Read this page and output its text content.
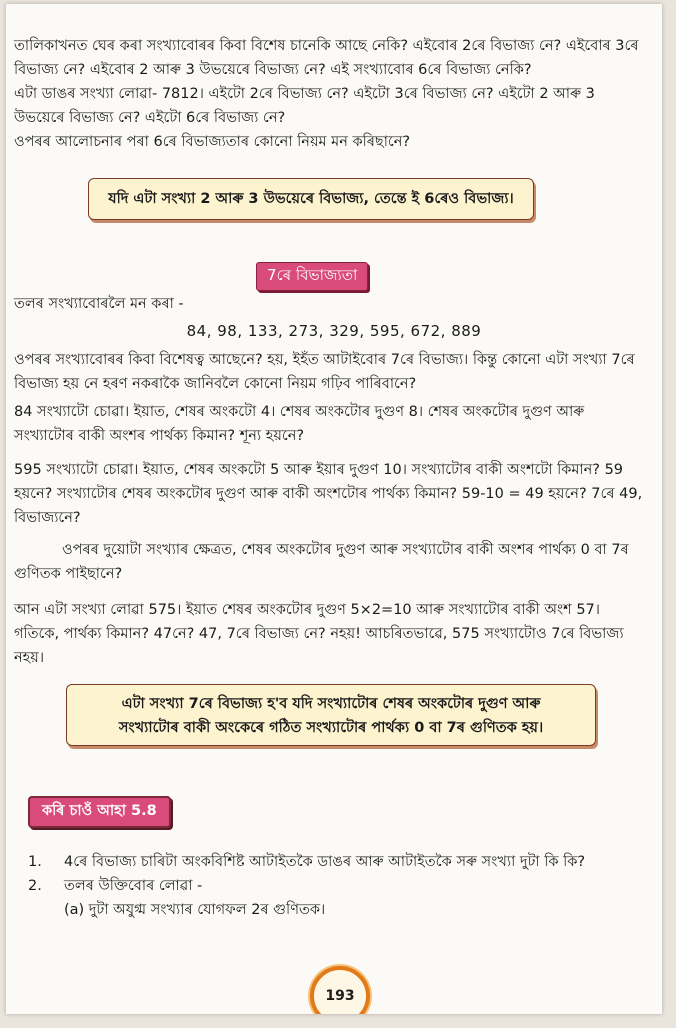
তালিকাখনত ঘেৰ কৰা সংখ্যাবোৰৰ কিবা বিশেষ চানেকি আছে নেকি? এইবোৰ 2ৰে বিভাজ্য নে? এইবোৰ 3ৰে বিভাজ্য নে? এইবোৰ 2 আৰু 3 উভয়েৰে বিভাজ্য নে? এই সংখ্যাবোৰ 6ৰে বিভাজ্য নেকি?

এটা ডাঙৰ সংখ্যা লোৱা- 7812। এইটো 2ৰে বিভাজ্য নে? এইটো 3ৰে বিভাজ্য নে? এইটো 2 আৰু 3 উভয়েৰে বিভাজ্য নে? এইটো 6ৰে বিভাজ্য নে?

ওপৰৰ আলোচনাৰ পৰা 6ৰে বিভাজ্যতাৰ কোনো নিয়ম মন কৰিছানে?

যদি এটা সংখ্যা 2 আৰু 3 উভয়েৰে বিভাজ্য, তেন্তে ই 6ৰেও বিভাজ্য।
7ৰে বিভাজ্যতা

তলৰ সংখ্যাবোৰলৈ মন কৰা -

84, 98, 133, 273, 329, 595, 672, 889

ওপৰৰ সংখ্যাবোৰৰ কিবা বিশেষত্ব আছেনে? হয়, ইহঁত আটাইবোৰ 7ৰে বিভাজ্য। কিন্তু কোনো এটা সংখ্যা 7ৰে বিভাজ্য হয় নে হৰণ নকৰাকৈ জানিবলৈ কোনো নিয়ম গঢ়িব পাৰিবানে?

84 সংখ্যাটো চোৱা। ইয়াত, শেষৰ অংকটো 4। শেষৰ অংকটোৰ দুগুণ 8। শেষৰ অংকটোৰ দুগুণ আৰু সংখ্যাটোৰ বাকী অংশৰ পাৰ্থক্য কিমান? শূন্য হয়নে?

595 সংখ্যাটো চোৱা। ইয়াত, শেষৰ অংকটো 5 আৰু ইয়াৰ দুগুণ 10। সংখ্যাটোৰ বাকী অংশটো কিমান? 59 হয়নে? সংখ্যাটোৰ শেষৰ অংকটোৰ দুগুণ আৰু বাকী অংশটোৰ পাৰ্থক্য কিমান? 59-10 = 49 হয়নে? 7ৰে 49, বিভাজ্যনে?

ওপৰৰ দুয়োটা সংখ্যাৰ ক্ষেত্ৰত, শেষৰ অংকটোৰ দুগুণ আৰু সংখ্যাটোৰ বাকী অংশৰ পাৰ্থক্য 0 বা 7ৰ গুণিতক পাইছানে?

আন এটা সংখ্যা লোৱা 575। ইয়াত শেষৰ অংকটোৰ দুগুণ 5×2=10 আৰু সংখ্যাটোৰ বাকী অংশ 57। গতিকে, পাৰ্থক্য কিমান? 47নে? 47, 7ৰে বিভাজ্য নে? নহয়! আচৰিতভাৱে, 575 সংখ্যাটোও 7ৰে বিভাজ্য নহয়।

এটা সংখ্যা 7ৰে বিভাজ্য হ'ব যদি সংখ্যাটোৰ শেষৰ অংকটোৰ দুগুণ আৰু
সংখ্যাটোৰ বাকী অংকেৰে গঠিত সংখ্যাটোৰ পাৰ্থক্য 0 বা 7ৰ গুণিতক হয়।
কৰি চাওঁ আহা 5.8
1. 4ৰে বিভাজ্য চাৰিটা অংকবিশিষ্ট আটাইতকৈ ডাঙৰ আৰু আটাইতকৈ সৰু সংখ্যা দুটা কি কি?
2. তলৰ উক্তিবোৰ লোৱা -
(a) দুটা অযুগ্ম সংখ্যাৰ যোগফল 2ৰ গুণিতক।
193
